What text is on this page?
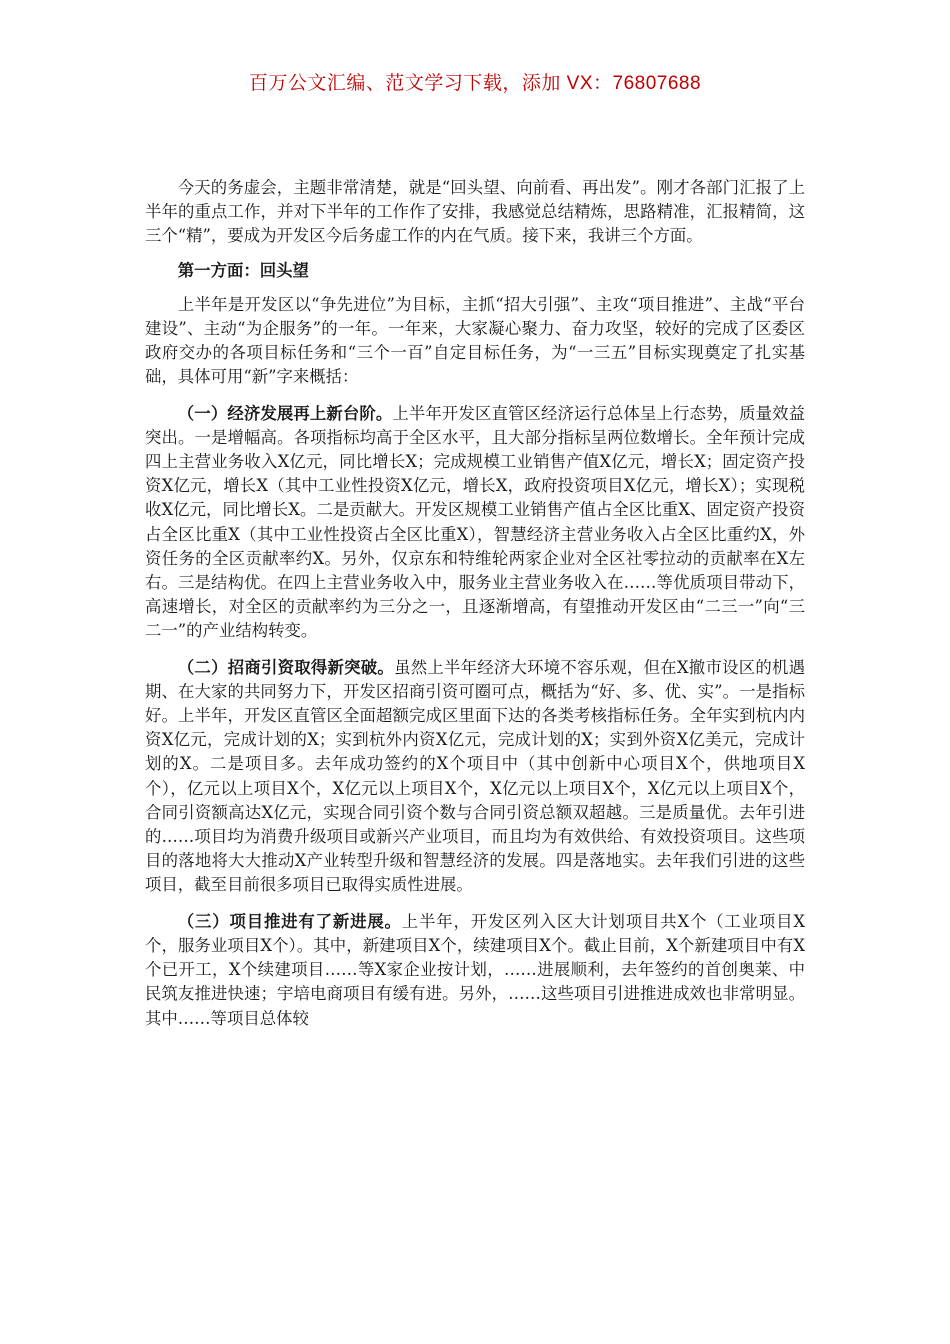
百万公文汇编、范文学习下载，添加 VX：76807688

今天的务虚会，主题非常清楚，就是“回头望、向前看、再出发”。刚才各部门汇报了上半年的重点工作，并对下半年的工作作了安排，我感觉总结精炼，思路精准，汇报精简，这三个“精”，要成为开发区今后务虚工作的内在气质。接下来，我讲三个方面。

第一方面：回头望

上半年是开发区以“争先进位”为目标，主抓“招大引强”、主攻“项目推进”、主战“平台建设”、主动“为企服务”的一年。一年来，大家凝心聚力、奋力攻坚，较好的完成了区委区政府交办的各项目标任务和“三个一百”自定目标任务，为“一三五”目标实现奠定了扎实基础，具体可用“新”字来概括：

（一）经济发展再上新台阶。上半年开发区直管区经济运行总体呈上行态势，质量效益突出。一是增幅高。各项指标均高于全区水平，且大部分指标呈两位数增长。全年预计完成四上主营业务收入X亿元，同比增长X；完成规模工业销售产值X亿元，增长X；固定资产投资X亿元，增长X（其中工业性投资X亿元，增长X，政府投资项目X亿元，增长X）；实现税收X亿元，同比增长X。二是贡献大。开发区规模工业销售产值占全区比重X、固定资产投资占全区比重X（其中工业性投资占全区比重X），智慧经济主营业务收入占全区比重约X，外资任务的全区贡献率约X。另外，仅京东和特维轮两家企业对全区社零拉动的贡献率在X左右。三是结构优。在四上主营业务收入中，服务业主营业务收入在……等优质项目带动下，高速增长，对全区的贡献率约为三分之一，且逐渐增高，有望推动开发区由“二三一”向“三二一”的产业结构转变。

（二）招商引资取得新突破。虽然上半年经济大环境不容乐观，但在X撤市设区的机遇期、在大家的共同努力下，开发区招商引资可圈可点，概括为“好、多、优、实”。一是指标好。上半年，开发区直管区全面超额完成区里面下达的各类考核指标任务。全年实到杭内内资X亿元，完成计划的X；实到杭外内资X亿元，完成计划的X；实到外资X亿美元，完成计划的X。二是项目多。去年成功签约的X个项目中（其中创新中心项目X个，供地项目X个），亿元以上项目X个，X亿元以上项目X个，X亿元以上项目X个，X亿元以上项目X个，合同引资额高达X亿元，实现合同引资个数与合同引资总额双超越。三是质量优。去年引进的……项目均为消费升级项目或新兴产业项目，而且均为有效供给、有效投资项目。这些项目的落地将大大推动X产业转型升级和智慧经济的发展。四是落地实。去年我们引进的这些项目，截至目前很多项目已取得实质性进展。

（三）项目推进有了新进展。上半年，开发区列入区大计划项目共X个（工业项目X个，服务业项目X个）。其中，新建项目X个，续建项目X个。截止目前，X个新建项目中有X个已开工，X个续建项目……等X家企业按计划，……进展顺利，去年签约的首创奥莱、中民筑友推进快速；宇培电商项目有缓有进。另外，……这些项目引进推进成效也非常明显。其中……等项目总体较
